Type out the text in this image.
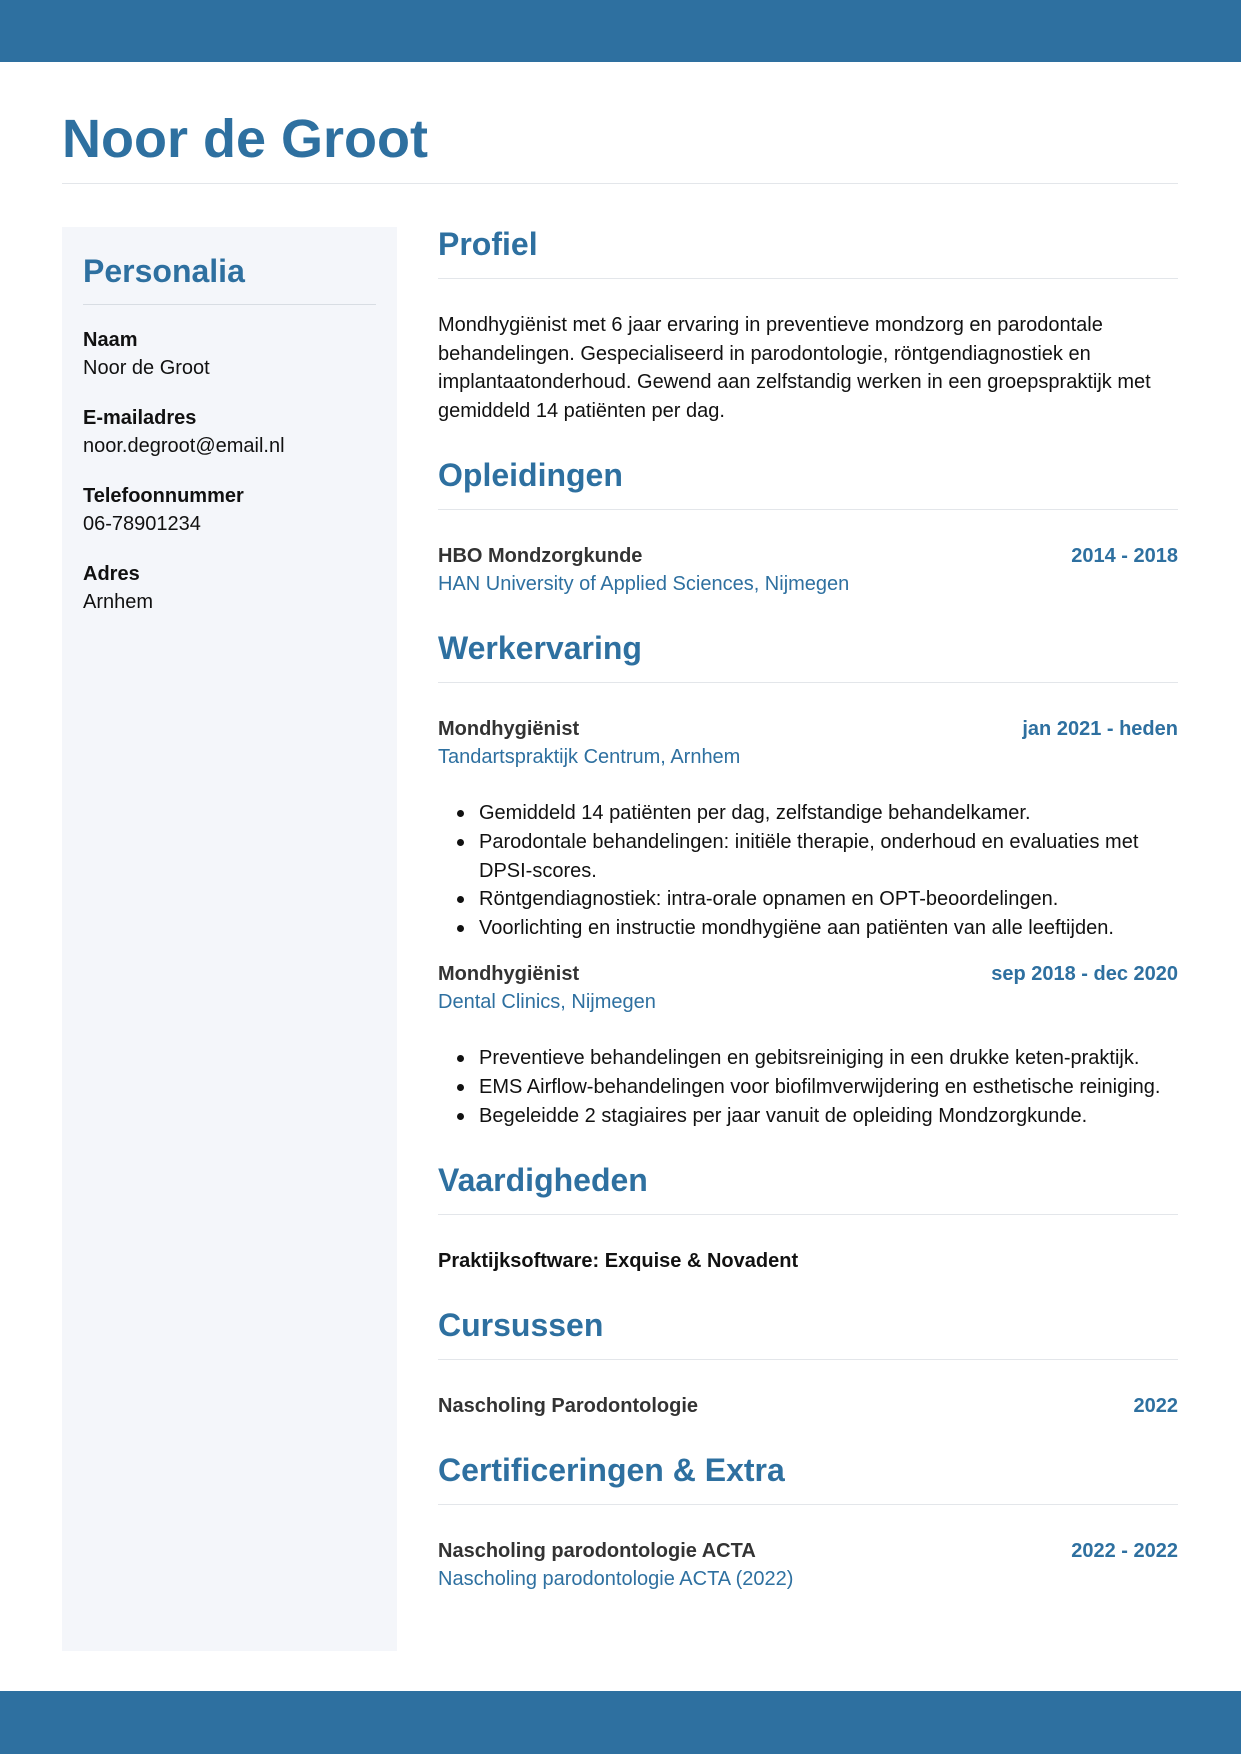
Noor de Groot
Personalia
Naam
Noor de Groot
E-mailadres
noor.degroot@email.nl
Telefoonnummer
06-78901234
Adres
Arnhem
Profiel

Mondhygiënist met 6 jaar ervaring in preventieve mondzorg en parodontale behandelingen. Gespecialiseerd in parodontologie, röntgendiagnostiek en implantaatonderhoud. Gewend aan zelfstandig werken in een groepspraktijk met gemiddeld 14 patiënten per dag.

Opleidingen
HBO Mondzorgkunde	2014 - 2018
HAN University of Applied Sciences, Nijmegen
Werkervaring
Mondhygiënist	jan 2021 - heden
Tandartspraktijk Centrum, Arnhem
Gemiddeld 14 patiënten per dag, zelfstandige behandelkamer.
Parodontale behandelingen: initiële therapie, onderhoud en evaluaties met DPSI-scores.
Röntgendiagnostiek: intra-orale opnamen en OPT-beoordelingen.
Voorlichting en instructie mondhygiëne aan patiënten van alle leeftijden.
Mondhygiënist	sep 2018 - dec 2020
Dental Clinics, Nijmegen
Preventieve behandelingen en gebitsreiniging in een drukke keten-praktijk.
EMS Airflow-behandelingen voor biofilmverwijdering en esthetische reiniging.
Begeleidde 2 stagiaires per jaar vanuit de opleiding Mondzorgkunde.
Vaardigheden
Praktijksoftware: Exquise & Novadent
Cursussen
Nascholing Parodontologie	2022
Certificeringen & Extra
Nascholing parodontologie ACTA	2022 - 2022
Nascholing parodontologie ACTA (2022)
